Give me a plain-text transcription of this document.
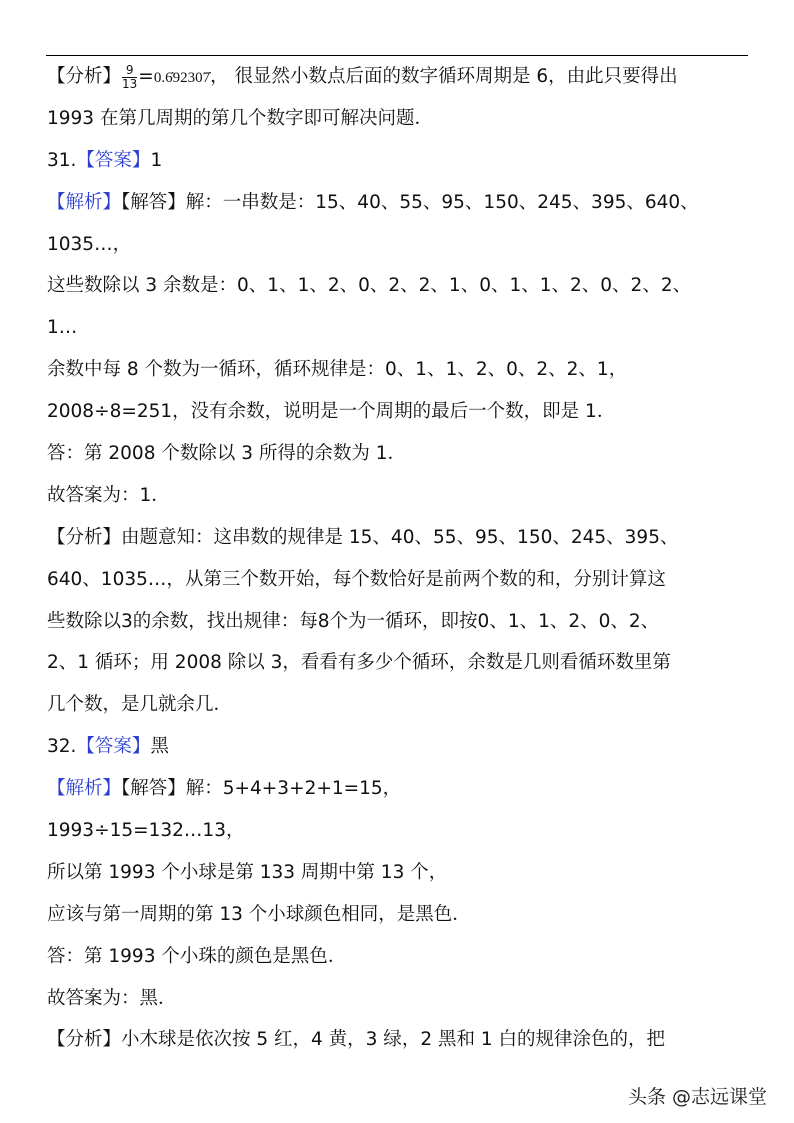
【分析】 $\frac{9}{13}$ =0.6̇92307̇， 很显然小数点后面的数字循环周期是 6，由此只要得出
1993 在第几周期的第几个数字即可解决问题．
31.【答案】1
【解析】【解答】解：一串数是：15、40、55、95、150、245、395、640、
1035…，
这些数除以 3 余数是：0、1、1、2、0、2、2、1、0、1、1、2、0、2、2、
1…
余数中每 8 个数为一循环，循环规律是：0、1、1、2、0、2、2、1，
2008÷8=251，没有余数，说明是一个周期的最后一个数，即是 1．
答：第 2008 个数除以 3 所得的余数为 1．
故答案为：1．
【分析】由题意知：这串数的规律是 15、40、55、95、150、245、395、
640、1035…，从第三个数开始，每个数恰好是前两个数的和，分别计算这
些数除以3的余数，找出规律：每8个为一循环，即按0、1、1、2、0、2、
2、1 循环；用 2008 除以 3，看看有多少个循环，余数是几则看循环数里第
几个数，是几就余几．
32.【答案】黑
【解析】【解答】解：5+4+3+2+1=15，
1993÷15=132…13，
所以第 1993 个小球是第 133 周期中第 13 个，
应该与第一周期的第 13 个小球颜色相同，是黑色．
答：第 1993 个小珠的颜色是黑色．
故答案为：黑．
【分析】小木球是依次按 5 红，4 黄，3 绿，2 黑和 1 白的规律涂色的，把
头条 @志远课堂
